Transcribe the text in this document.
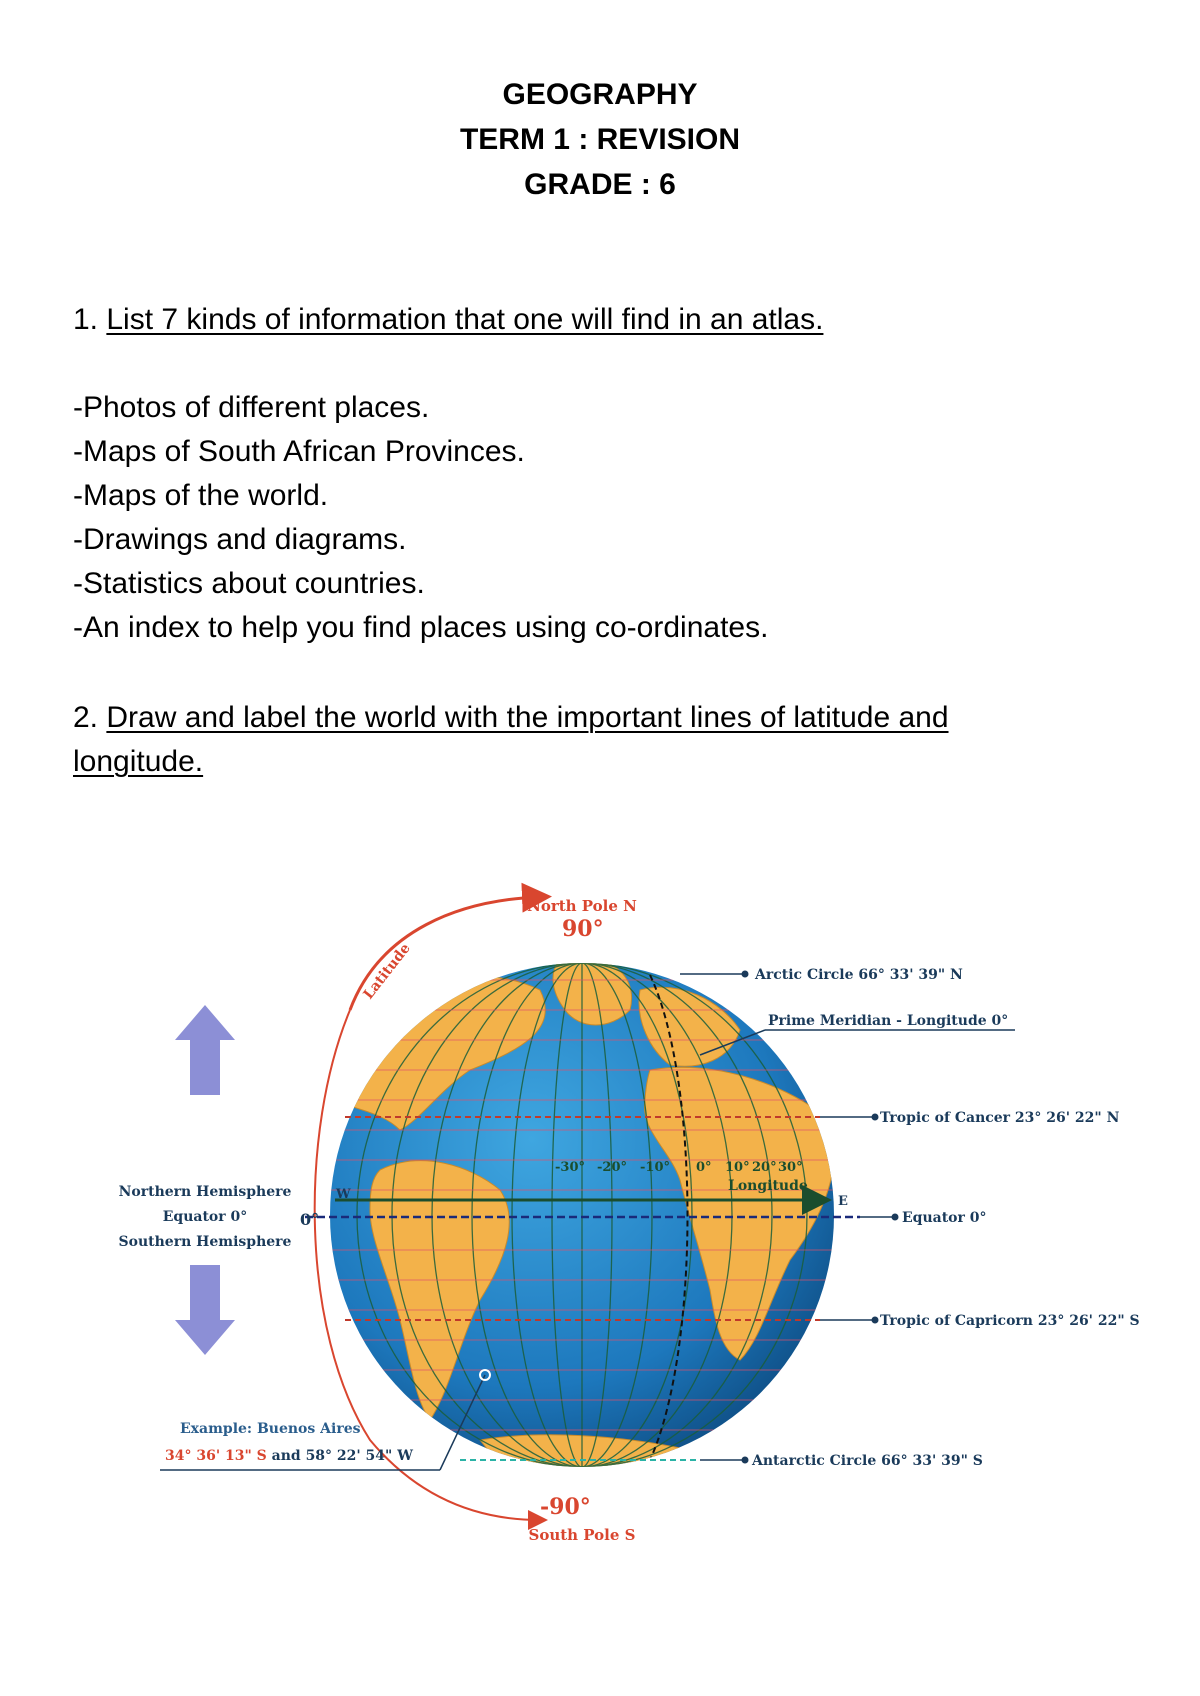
GEOGRAPHY
TERM 1 : REVISION
GRADE : 6
1. List 7 kinds of information that one will find in an atlas.
-Photos of different places.
-Maps of South African Provinces.
-Maps of the world.
-Drawings and diagrams.
-Statistics about countries.
-An index to help you find places using co-ordinates.
2. Draw and label the world with the important lines of latitude and
longitude.
North Pole N
90°
Latitude	Arctic Circle 66° 33' 39" N
Prime Meridian - Longitude 0°
Tropic of Cancer 23° 26' 22" N
Equator 0°
Tropic of Capricorn 23° 26' 22" S
Antarctic Circle 66° 33' 39" S
Northern Hemisphere
Equator 0°
Southern Hemisphere
0°
W	E
Longitude
-30° -20° -10° 0° 10° 20° 30°
Example: Buenos Aires
34° 36' 13" S and 58° 22' 54" W
-90°
South Pole S
